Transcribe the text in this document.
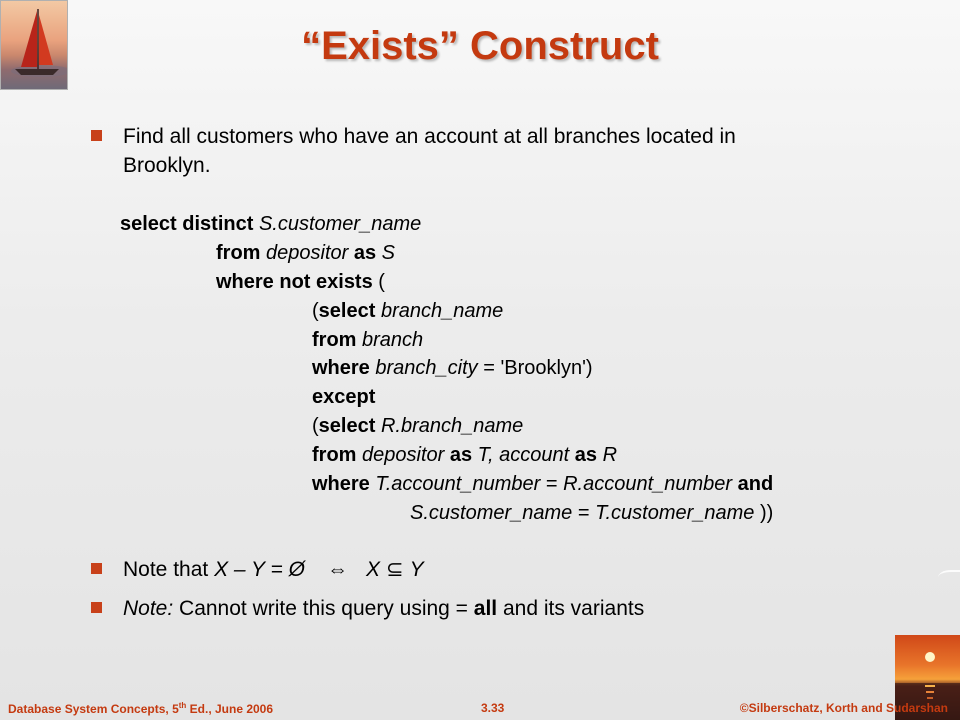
“Exists” Construct
Find all customers who have an account at all branches located in
Brooklyn.
select distinct S.customer_name
from depositor as S
where not exists (
(select branch_name
from branch
where branch_city = 'Brooklyn')
except
(select R.branch_name
from depositor as T, account as R
where T.account_number = R.account_number and
S.customer_name = T.customer_name ))
Note that X – Y = Ø ⇔ X ⊆ Y
Note: Cannot write this query using = all and its variants
Database System Concepts, 5th Ed., June 2006	3.33	©Silberschatz, Korth and Sudarshan
